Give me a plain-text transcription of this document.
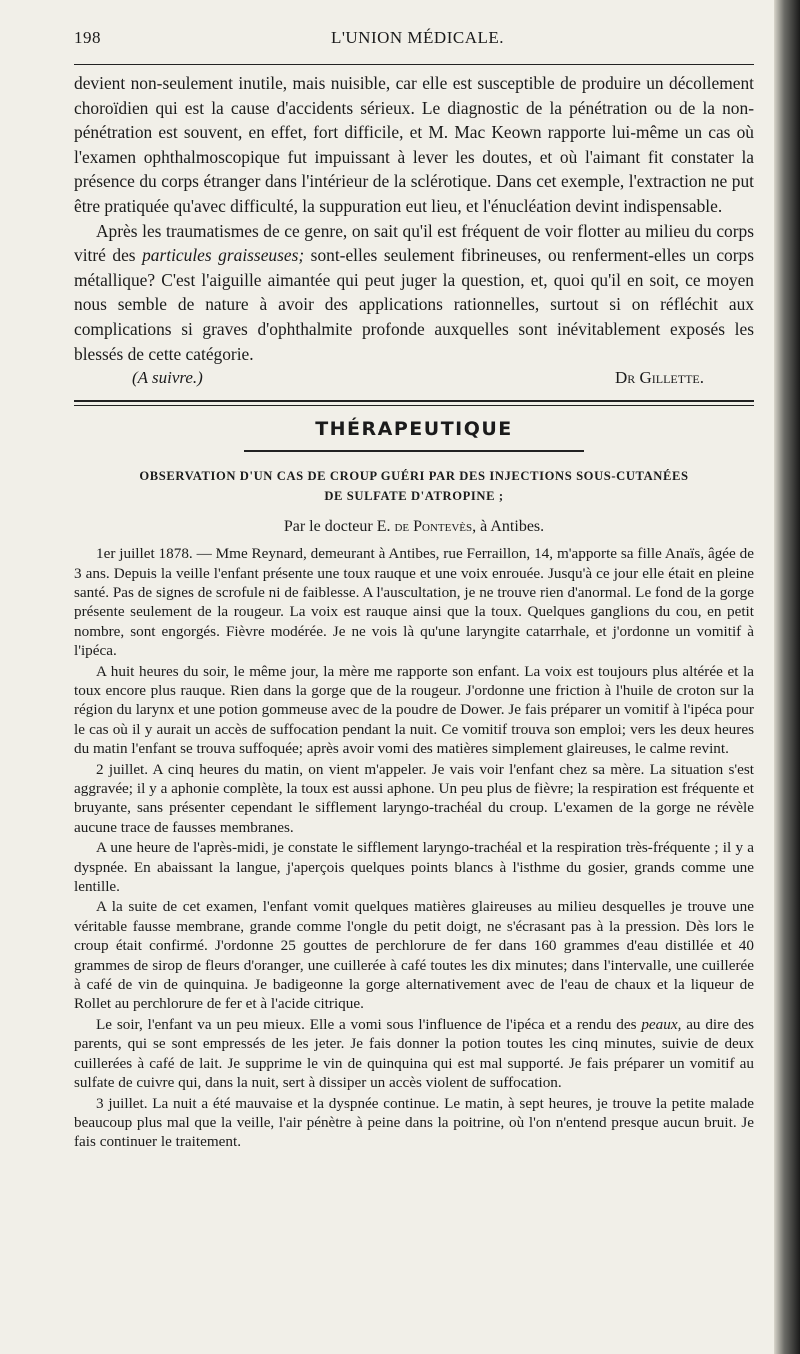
198	L'UNION MÉDICALE.

devient non-seulement inutile, mais nuisible, car elle est susceptible de produire un décollement choroïdien qui est la cause d'accidents sérieux. Le diagnostic de la pénétration ou de la non-pénétration est souvent, en effet, fort difficile, et M. Mac Keown rapporte lui-même un cas où l'examen ophthalmoscopique fut impuissant à lever les doutes, et où l'aimant fit constater la présence du corps étranger dans l'intérieur de la sclérotique. Dans cet exemple, l'extraction ne put être pratiquée qu'avec difficulté, la suppuration eut lieu, et l'énucléation devint indispensable.

Après les traumatismes de ce genre, on sait qu'il est fréquent de voir flotter au milieu du corps vitré des particules graisseuses; sont-elles seulement fibrineuses, ou renferment-elles un corps métallique? C'est l'aiguille aimantée qui peut juger la question, et, quoi qu'il en soit, ce moyen nous semble de nature à avoir des applications rationnelles, surtout si on réfléchit aux complications si graves d'ophthalmite profonde auxquelles sont inévitablement exposés les blessés de cette catégorie.

(A suivre.)	Dr Gillette.
THÉRAPEUTIQUE
OBSERVATION D'UN CAS DE CROUP GUÉRI PAR DES INJECTIONS SOUS-CUTANÉES
DE SULFATE D'ATROPINE ;
Par le docteur E. de Pontevès, à Antibes.

1er juillet 1878. — Mme Reynard, demeurant à Antibes, rue Ferraillon, 14, m'apporte sa fille Anaïs, âgée de 3 ans. Depuis la veille l'enfant présente une toux rauque et une voix enrouée. Jusqu'à ce jour elle était en pleine santé. Pas de signes de scrofule ni de faiblesse. A l'auscultation, je ne trouve rien d'anormal. Le fond de la gorge présente seulement de la rougeur. La voix est rauque ainsi que la toux. Quelques ganglions du cou, en petit nombre, sont engorgés. Fièvre modérée. Je ne vois là qu'une laryngite catarrhale, et j'ordonne un vomitif à l'ipéca.

A huit heures du soir, le même jour, la mère me rapporte son enfant. La voix est toujours plus altérée et la toux encore plus rauque. Rien dans la gorge que de la rougeur. J'ordonne une friction à l'huile de croton sur la région du larynx et une potion gommeuse avec de la poudre de Dower. Je fais préparer un vomitif à l'ipéca pour le cas où il y aurait un accès de suffocation pendant la nuit. Ce vomitif trouva son emploi; vers les deux heures du matin l'enfant se trouva suffoquée; après avoir vomi des matières simplement glaireuses, le calme revint.

2 juillet. A cinq heures du matin, on vient m'appeler. Je vais voir l'enfant chez sa mère. La situation s'est aggravée; il y a aphonie complète, la toux est aussi aphone. Un peu plus de fièvre; la respiration est fréquente et bruyante, sans présenter cependant le sifflement laryngo-trachéal du croup. L'examen de la gorge ne révèle aucune trace de fausses membranes.

A une heure de l'après-midi, je constate le sifflement laryngo-trachéal et la respiration très-fréquente ; il y a dyspnée. En abaissant la langue, j'aperçois quelques points blancs à l'isthme du gosier, grands comme une lentille.

A la suite de cet examen, l'enfant vomit quelques matières glaireuses au milieu desquelles je trouve une véritable fausse membrane, grande comme l'ongle du petit doigt, ne s'écrasant pas à la pression. Dès lors le croup était confirmé. J'ordonne 25 gouttes de perchlorure de fer dans 160 grammes d'eau distillée et 40 grammes de sirop de fleurs d'oranger, une cuillerée à café toutes les dix minutes; dans l'intervalle, une cuillerée à café de vin de quinquina. Je badigeonne la gorge alternativement avec de l'eau de chaux et la liqueur de Rollet au perchlorure de fer et à l'acide citrique.

Le soir, l'enfant va un peu mieux. Elle a vomi sous l'influence de l'ipéca et a rendu des peaux, au dire des parents, qui se sont empressés de les jeter. Je fais donner la potion toutes les cinq minutes, suivie de deux cuillerées à café de lait. Je supprime le vin de quinquina qui est mal supporté. Je fais préparer un vomitif au sulfate de cuivre qui, dans la nuit, sert à dissiper un accès violent de suffocation.

3 juillet. La nuit a été mauvaise et la dyspnée continue. Le matin, à sept heures, je trouve la petite malade beaucoup plus mal que la veille, l'air pénètre à peine dans la poitrine, où l'on n'entend presque aucun bruit. Je fais continuer le traitement.
